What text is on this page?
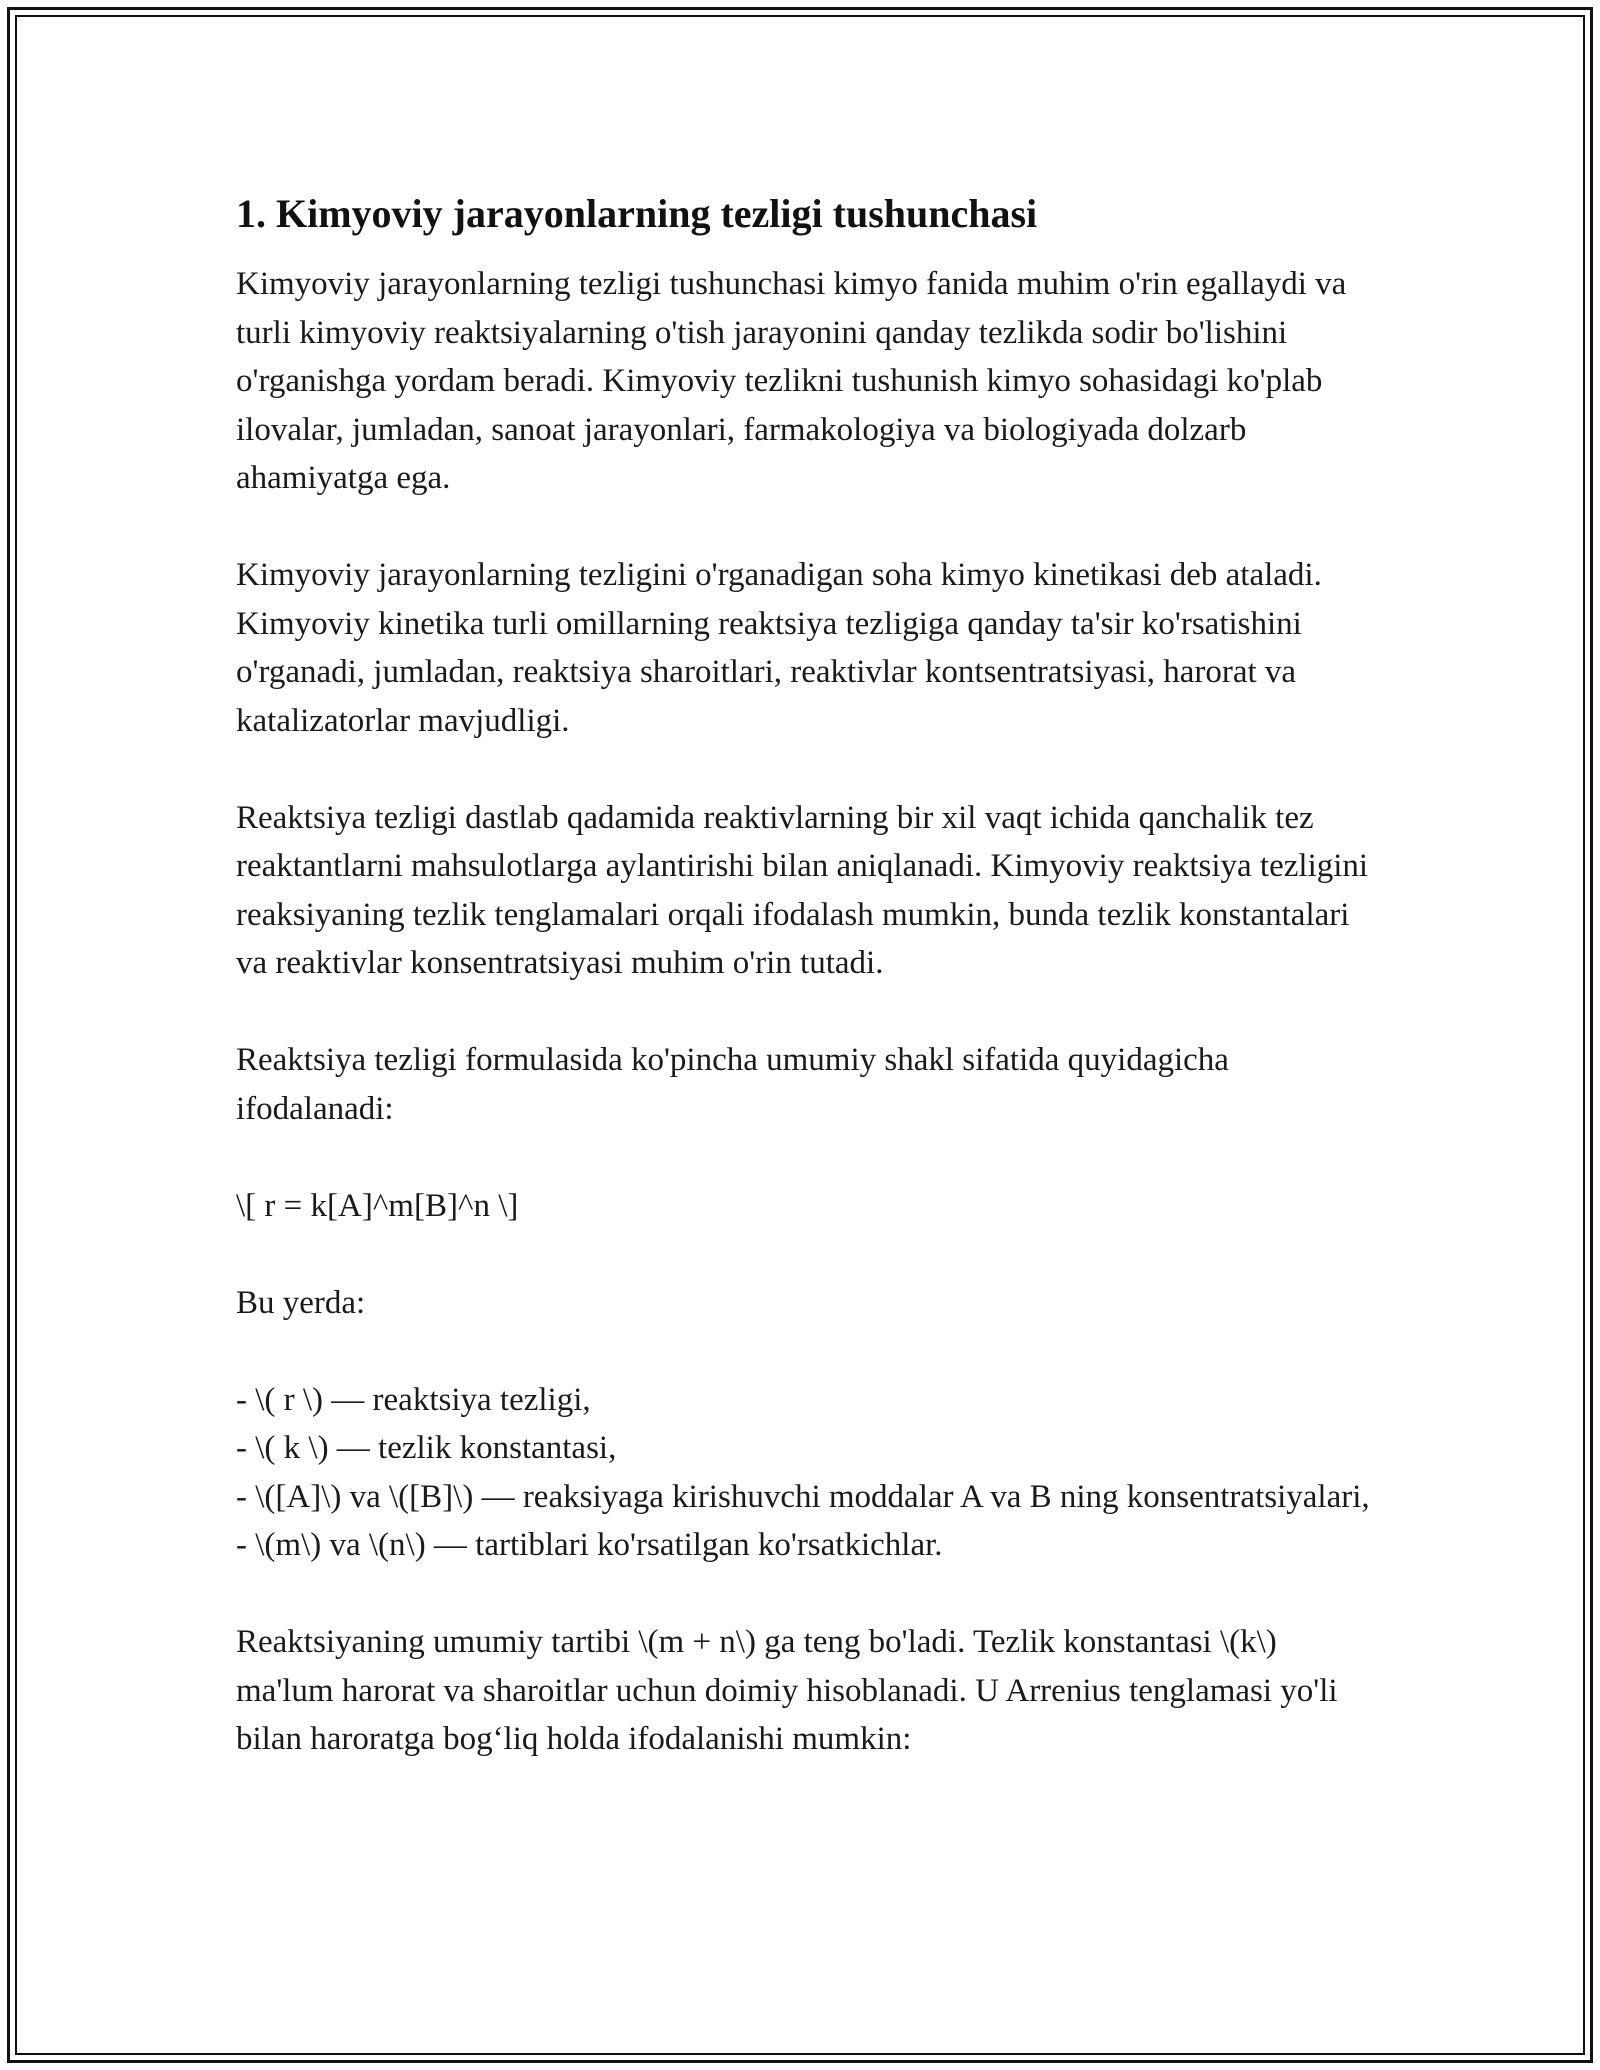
1. Kimyoviy jarayonlarning tezligi tushunchasi

Kimyoviy jarayonlarning tezligi tushunchasi kimyo fanida muhim o'rin egallaydi va turli kimyoviy reaktsiyalarning o'tish jarayonini qanday tezlikda sodir bo'lishini o'rganishga yordam beradi. Kimyoviy tezlikni tushunish kimyo sohasidagi ko'plab ilovalar, jumladan, sanoat jarayonlari, farmakologiya va biologiyada dolzarb ahamiyatga ega.

Kimyoviy jarayonlarning tezligini o'rganadigan soha kimyo kinetikasi deb ataladi. Kimyoviy kinetika turli omillarning reaktsiya tezligiga qanday ta'sir ko'rsatishini o'rganadi, jumladan, reaktsiya sharoitlari, reaktivlar kontsentratsiyasi, harorat va katalizatorlar mavjudligi.

Reaktsiya tezligi dastlab qadamida reaktivlarning bir xil vaqt ichida qanchalik tez reaktantlarni mahsulotlarga aylantirishi bilan aniqlanadi. Kimyoviy reaktsiya tezligini reaksiyaning tezlik tenglamalari orqali ifodalash mumkin, bunda tezlik konstantalari va reaktivlar konsentratsiyasi muhim o'rin tutadi.

Reaktsiya tezligi formulasida ko'pincha umumiy shakl sifatida quyidagicha ifodalanadi:

\[ r = k[A]^m[B]^n \]

Bu yerda:

- \( r \) — reaktsiya tezligi,
- \( k \) — tezlik konstantasi,
- \([A]\) va \([B]\) — reaksiyaga kirishuvchi moddalar A va B ning konsentratsiyalari,
- \(m\) va \(n\) — tartiblari ko'rsatilgan ko'rsatkichlar.

Reaktsiyaning umumiy tartibi \(m + n\) ga teng bo'ladi. Tezlik konstantasi \(k\) ma'lum harorat va sharoitlar uchun doimiy hisoblanadi. U Arrenius tenglamasi yo'li bilan haroratga bog‘liq holda ifodalanishi mumkin:
